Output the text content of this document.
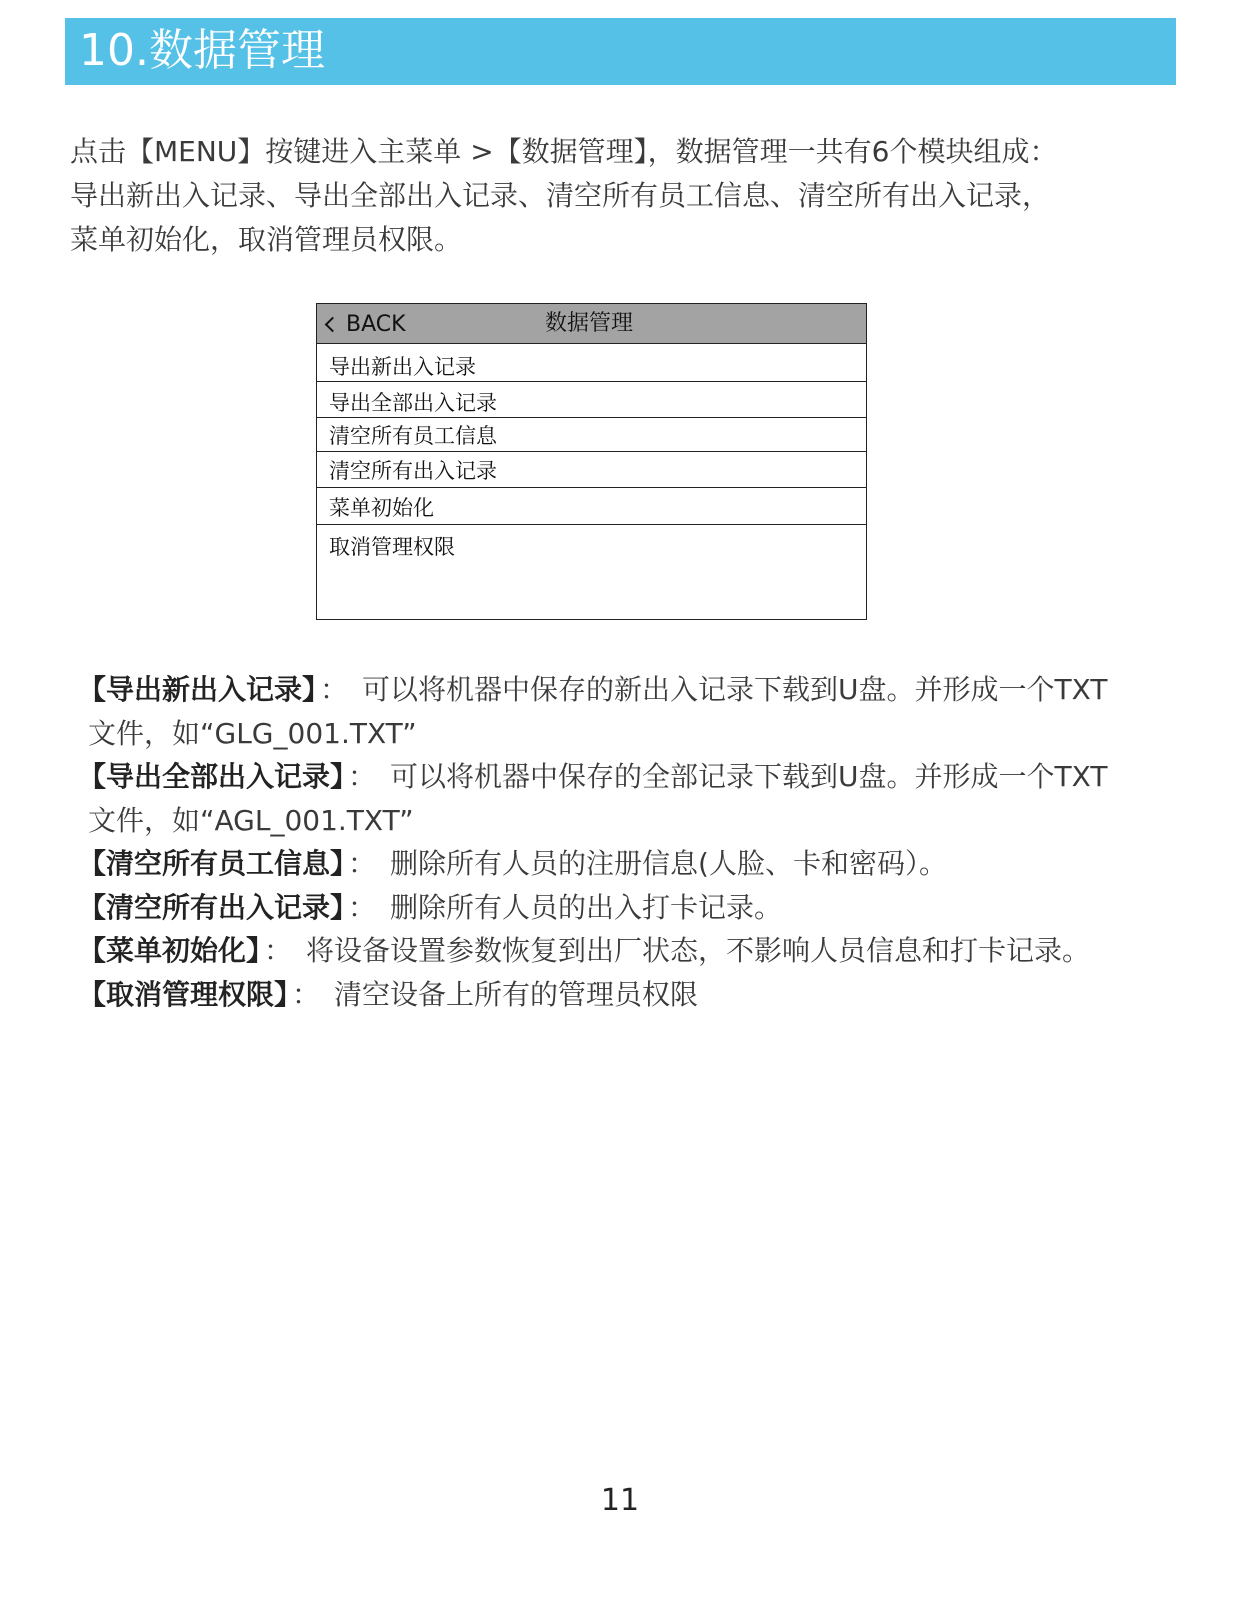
10.数据管理

点击【MENU】按键进入主菜单 >【数据管理】，数据管理一共有6个模块组成：

导出新出入记录、导出全部出入记录、清空所有员工信息、清空所有出入记录，

菜单初始化，取消管理员权限。

BACK	数据管理
导出新出入记录
导出全部出入记录
清空所有员工信息
清空所有出入记录
菜单初始化
取消管理权限

【导出新出入记录】 ： 可以将机器中保存的新出入记录下载到U盘。并形成一个TXT

文件，如“GLG_001.TXT”

【导出全部出入记录】 ： 可以将机器中保存的全部记录下载到U盘。并形成一个TXT

文件，如“AGL_001.TXT”

【清空所有员工信息】 ： 删除所有人员的注册信息(人脸、卡和密码）。

【清空所有出入记录】 ： 删除所有人员的出入打卡记录。

【菜单初始化】 ： 将设备设置参数恢复到出厂状态，不影响人员信息和打卡记录。

【取消管理权限】 ： 清空设备上所有的管理员权限

11
